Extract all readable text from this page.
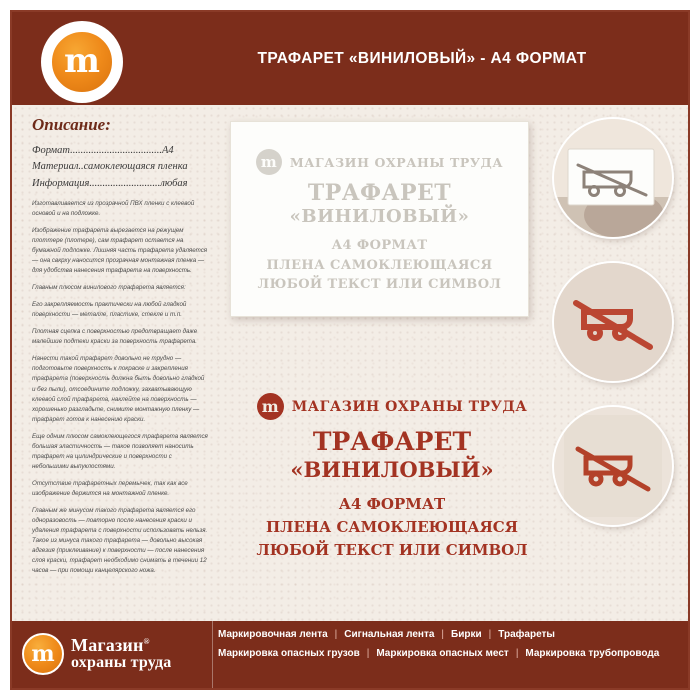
ТРАФАРЕТ «ВИНИЛОВЫЙ» - А4 ФОРМАТ
m
Описание:
Формат...................................А4
Материал..самоклеющаяся пленка
Информация...........................любая
Изготавливается из прозрачной ПВХ пленки с клеевой основой и на подложке.
Изображение трафарета вырезается на режущем плоттере (плотере), сам трафарет остается на бумажной подложке. Лишняя часть трафарета удаляется — она свкрху наносится прозрачная монтажная пленка — для удобства нанесения трафарета на поверхность.
Главным плюсом винилового трафарета является:
Его закрепляемость практически на любой гладкой поверхности — металле, пластике, стекле и т.п.
Плотная сцепка с поверхностью предотвращает даже малейшие подтеки краски за поверхность трафарета.
Нанести такой трафарет довольно не трудно — подготовьте поверхность к покраске и закрепления трафарета (поверхность должна быть довольно гладкой и без пыли), отсоедините подложку, захватывающую клеевой слой трафарета, наклейте на поверхность — хорошенько разгладьте, снимите монтажную пленку — трафарет готов к нанесению краски.
Еще одним плюсом самоклеющегося трафарета является большая эластичность — такое позволяет наносить трафарет на цилиндрические и поверхности с небольшими выпуклостями.
Отсутствие трафаретных перемычек, так как все изображение держится на монтажной пленке.
Главным же минусом такого трафарета является его одноразовость — повторно после нанесения краски и удаления трафарета с поверхности использовать нельзя. Такое из минуса такого трафарета — довольно высокая адгезия (приклеивание) к поверхности — после нанесения слоя краски, трафарет необходимо снимать в течении 12 часов — при помощи канцелярского ножа.
m МАГАЗИН ОХРАНЫ ТРУДА
ТРАФАРЕТ
«ВИНИЛОВЫЙ»
А4 ФОРМАТ
ПЛЕНА САМОКЛЕЮЩАЯСЯ
ЛЮБОЙ ТЕКСТ ИЛИ СИМВОЛ
m МАГАЗИН ОХРАНЫ ТРУДА
ТРАФАРЕТ
«ВИНИЛОВЫЙ»
А4 ФОРМАТ
ПЛЕНА САМОКЛЕЮЩАЯСЯ
ЛЮБОЙ ТЕКСТ ИЛИ СИМВОЛ
m Магазин®
охраны труда
Маркировочная лента | Сигнальная лента | Бирки | Трафареты
Маркировка опасных грузов | Маркировка опасных мест | Маркировка трубопровода
